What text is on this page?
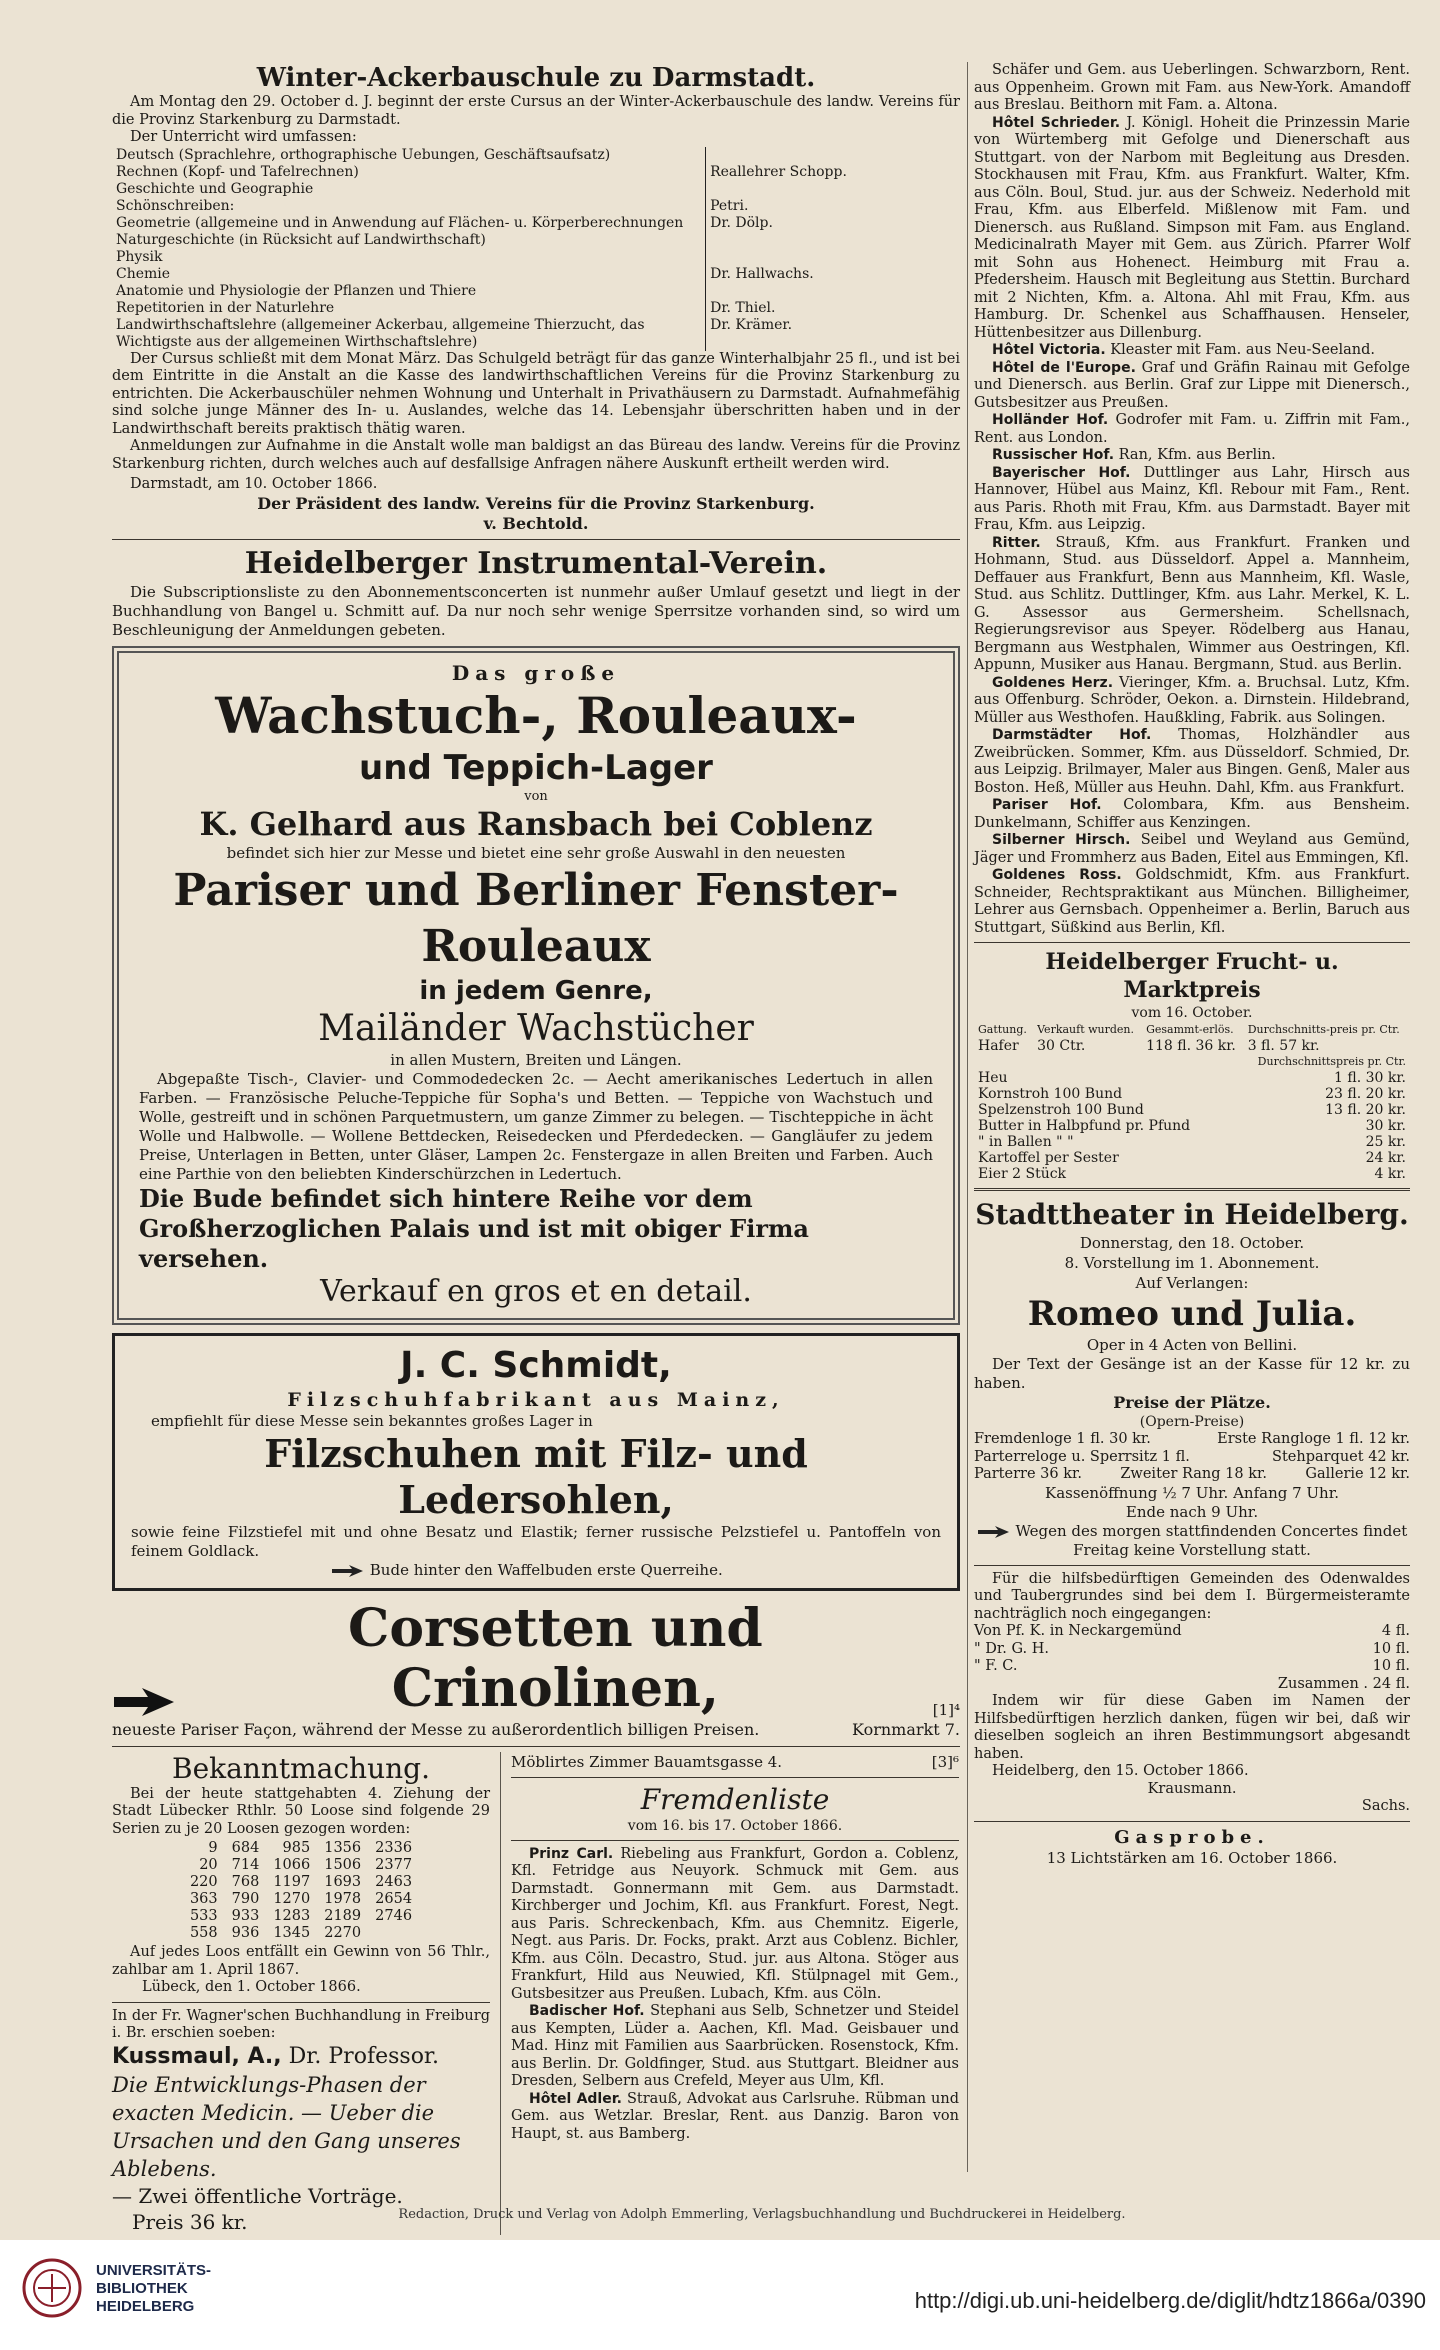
Winter-Ackerbauschule zu Darmstadt.

Am Montag den 29. October d. J. beginnt der erste Cursus an der Winter-Ackerbauschule des landw. Vereins für die Provinz Starkenburg zu Darmstadt.

Der Unterricht wird umfassen:

Deutsch (Sprachlehre, orthographische Uebungen, Geschäftsaufsatz)	
Rechnen (Kopf- und Tafelrechnen)	Reallehrer Schopp.
Geschichte und Geographie	
Schönschreiben:	Petri.
Geometrie (allgemeine und in Anwendung auf Flächen- u. Körperberechnungen	Dr. Dölp.
Naturgeschichte (in Rücksicht auf Landwirthschaft)	
Physik	
Chemie	Dr. Hallwachs.
Anatomie und Physiologie der Pflanzen und Thiere	
Repetitorien in der Naturlehre	Dr. Thiel.
Landwirthschaftslehre (allgemeiner Ackerbau, allgemeine Thierzucht, das Wichtigste aus der allgemeinen Wirthschaftslehre)	Dr. Krämer.

Der Cursus schließt mit dem Monat März. Das Schulgeld beträgt für das ganze Winterhalbjahr 25 fl., und ist bei dem Eintritte in die Anstalt an die Kasse des landwirthschaftlichen Vereins für die Provinz Starkenburg zu entrichten. Die Ackerbauschüler nehmen Wohnung und Unterhalt in Privathäusern zu Darmstadt. Aufnahmefähig sind solche junge Männer des In- u. Auslandes, welche das 14. Lebensjahr überschritten haben und in der Landwirthschaft bereits praktisch thätig waren.

Anmeldungen zur Aufnahme in die Anstalt wolle man baldigst an das Büreau des landw. Vereins für die Provinz Starkenburg richten, durch welches auch auf desfallsige Anfragen nähere Auskunft ertheilt werden wird.

Darmstadt, am 10. October 1866.

Der Präsident des landw. Vereins für die Provinz Starkenburg.

v. Bechtold.

Heidelberger Instrumental-Verein.

Die Subscriptionsliste zu den Abonnementsconcerten ist nunmehr außer Umlauf gesetzt und liegt in der Buchhandlung von Bangel u. Schmitt auf. Da nur noch sehr wenige Sperrsitze vorhanden sind, so wird um Beschleunigung der Anmeldungen gebeten.

Das große
Wachstuch-, Rouleaux-
und Teppich-Lager
von
K. Gelhard aus Ransbach bei Coblenz
befindet sich hier zur Messe und bietet eine sehr große Auswahl in den neuesten
Pariser und Berliner Fenster-Rouleaux
in jedem Genre,
Mailänder Wachstücher
in allen Mustern, Breiten und Längen.

Abgepaßte Tisch-, Clavier- und Commodedecken 2c. — Aecht amerikanisches Ledertuch in allen Farben. — Französische Peluche-Teppiche für Sopha's und Betten. — Teppiche von Wachstuch und Wolle, gestreift und in schönen Parquetmustern, um ganze Zimmer zu belegen. — Tischteppiche in ächt Wolle und Halbwolle. — Wollene Bettdecken, Reisedecken und Pferdedecken. — Gangläufer zu jedem Preise, Unterlagen in Betten, unter Gläser, Lampen 2c. Fenstergaze in allen Breiten und Farben. Auch eine Parthie von den beliebten Kinderschürzchen in Ledertuch.

Die Bude befindet sich hintere Reihe vor dem Großherzoglichen Palais und ist mit obiger Firma versehen.

Verkauf en gros et en detail.
J. C. Schmidt,
Filzschuhfabrikant aus Mainz,
empfiehlt für diese Messe sein bekanntes großes Lager in
Filzschuhen mit Filz- und Ledersohlen,

sowie feine Filzstiefel mit und ohne Besatz und Elastik; ferner russische Pelzstiefel u. Pantoffeln von feinem Goldlack.

Bude hinter den Waffelbuden erste Querreihe.
Corsetten und Crinolinen,	[1]⁴
neueste Pariser Façon, während der Messe zu außerordentlich billigen Preisen.	Kornmarkt 7.
Bekanntmachung.

Bei der heute stattgehabten 4. Ziehung der Stadt Lübecker Rthlr. 50 Loose sind folgende 29 Serien zu je 20 Loosen gezogen worden:

9	684	985	1356	2336
20	714	1066	1506	2377
220	768	1197	1693	2463
363	790	1270	1978	2654
533	933	1283	2189	2746
558	936	1345	2270	

Auf jedes Loos entfällt ein Gewinn von 56 Thlr., zahlbar am 1. April 1867.

Lübeck, den 1. October 1866.

In der Fr. Wagner'schen Buchhandlung in Freiburg i. Br. erschien soeben:

Kussmaul, A., Dr. Professor.

Die Entwicklungs-Phasen der exacten Medicin. — Ueber die Ursachen und den Gang unseres Ablebens.

— Zwei öffentliche Vorträge.

Preis 36 kr.

Möblirtes Zimmer Bauamtsgasse 4.	[3]⁶
Fremdenliste
vom 16. bis 17. October 1866.

Prinz Carl. Riebeling aus Frankfurt, Gordon a. Coblenz, Kfl. Fetridge aus Neuyork. Schmuck mit Gem. aus Darmstadt. Gonnermann mit Gem. aus Darmstadt. Kirchberger und Jochim, Kfl. aus Frankfurt. Forest, Negt. aus Paris. Schreckenbach, Kfm. aus Chemnitz. Eigerle, Negt. aus Paris. Dr. Focks, prakt. Arzt aus Coblenz. Bichler, Kfm. aus Cöln. Decastro, Stud. jur. aus Altona. Stöger aus Frankfurt, Hild aus Neuwied, Kfl. Stülpnagel mit Gem., Gutsbesitzer aus Preußen. Lubach, Kfm. aus Cöln.

Badischer Hof. Stephani aus Selb, Schnetzer und Steidel aus Kempten, Lüder a. Aachen, Kfl. Mad. Geisbauer und Mad. Hinz mit Familien aus Saarbrücken. Rosenstock, Kfm. aus Berlin. Dr. Goldfinger, Stud. aus Stuttgart. Bleidner aus Dresden, Selbern aus Crefeld, Meyer aus Ulm, Kfl.

Hôtel Adler. Strauß, Advokat aus Carlsruhe. Rübman und Gem. aus Wetzlar. Breslar, Rent. aus Danzig. Baron von Haupt, st. aus Bamberg.

Schäfer und Gem. aus Ueberlingen. Schwarzborn, Rent. aus Oppenheim. Grown mit Fam. aus New-York. Amandoff aus Breslau. Beithorn mit Fam. a. Altona.

Hôtel Schrieder. J. Königl. Hoheit die Prinzessin Marie von Würtemberg mit Gefolge und Dienerschaft aus Stuttgart. von der Narbom mit Begleitung aus Dresden. Stockhausen mit Frau, Kfm. aus Frankfurt. Walter, Kfm. aus Cöln. Boul, Stud. jur. aus der Schweiz. Nederhold mit Frau, Kfm. aus Elberfeld. Mißlenow mit Fam. und Dienersch. aus Rußland. Simpson mit Fam. aus England. Medicinalrath Mayer mit Gem. aus Zürich. Pfarrer Wolf mit Sohn aus Hohenect. Heimburg mit Frau a. Pfedersheim. Hausch mit Begleitung aus Stettin. Burchard mit 2 Nichten, Kfm. a. Altona. Ahl mit Frau, Kfm. aus Hamburg. Dr. Schenkel aus Schaffhausen. Henseler, Hüttenbesitzer aus Dillenburg.

Hôtel Victoria. Kleaster mit Fam. aus Neu-Seeland.

Hôtel de l'Europe. Graf und Gräfin Rainau mit Gefolge und Dienersch. aus Berlin. Graf zur Lippe mit Dienersch., Gutsbesitzer aus Preußen.

Holländer Hof. Godrofer mit Fam. u. Ziffrin mit Fam., Rent. aus London.

Russischer Hof. Ran, Kfm. aus Berlin.

Bayerischer Hof. Duttlinger aus Lahr, Hirsch aus Hannover, Hübel aus Mainz, Kfl. Rebour mit Fam., Rent. aus Paris. Rhoth mit Frau, Kfm. aus Darmstadt. Bayer mit Frau, Kfm. aus Leipzig.

Ritter. Strauß, Kfm. aus Frankfurt. Franken und Hohmann, Stud. aus Düsseldorf. Appel a. Mannheim, Deffauer aus Frankfurt, Benn aus Mannheim, Kfl. Wasle, Stud. aus Schlitz. Duttlinger, Kfm. aus Lahr. Merkel, K. L. G. Assessor aus Germersheim. Schellsnach, Regierungsrevisor aus Speyer. Rödelberg aus Hanau, Bergmann aus Westphalen, Wimmer aus Oestringen, Kfl. Appunn, Musiker aus Hanau. Bergmann, Stud. aus Berlin.

Goldenes Herz. Vieringer, Kfm. a. Bruchsal. Lutz, Kfm. aus Offenburg. Schröder, Oekon. a. Dirnstein. Hildebrand, Müller aus Westhofen. Haußkling, Fabrik. aus Solingen.

Darmstädter Hof. Thomas, Holzhändler aus Zweibrücken. Sommer, Kfm. aus Düsseldorf. Schmied, Dr. aus Leipzig. Brilmayer, Maler aus Bingen. Genß, Maler aus Boston. Heß, Müller aus Heuhn. Dahl, Kfm. aus Frankfurt.

Pariser Hof. Colombara, Kfm. aus Bensheim. Dunkelmann, Schiffer aus Kenzingen.

Silberner Hirsch. Seibel und Weyland aus Gemünd, Jäger und Frommherz aus Baden, Eitel aus Emmingen, Kfl.

Goldenes Ross. Goldschmidt, Kfm. aus Frankfurt. Schneider, Rechtspraktikant aus München. Billigheimer, Lehrer aus Gernsbach. Oppenheimer a. Berlin, Baruch aus Stuttgart, Süßkind aus Berlin, Kfl.

Heidelberger Frucht- u. Marktpreis
vom 16. October.
Gattung.	Verkauft wurden.	Gesammt-erlös.	Durchschnitts-preis pr. Ctr.
Hafer	30 Ctr.	118 fl. 36 kr.	3 fl. 57 kr.
Durchschnittspreis pr. Ctr.			
Heu			1 fl. 30 kr.
Kornstroh 100 Bund			23 fl. 20 kr.
Spelzenstroh 100 Bund			13 fl. 20 kr.
Butter in Halbpfund pr. Pfund			30 kr.
" in Ballen " "			25 kr.
Kartoffel per Sester			24 kr.
Eier 2 Stück			4 kr.
Stadttheater in Heidelberg.
Donnerstag, den 18. October.
8. Vorstellung im 1. Abonnement.
Auf Verlangen:
Romeo und Julia.
Oper in 4 Acten von Bellini.

Der Text der Gesänge ist an der Kasse für 12 kr. zu haben.

Preise der Plätze.
(Opern-Preise)
Fremdenloge 1 fl. 30 kr.	Erste Rangloge 1 fl. 12 kr.
Parterreloge u. Sperrsitz 1 fl.	Stehparquet 42 kr.
Parterre 36 kr.	Zweiter Rang 18 kr.	Gallerie 12 kr.
Kassenöffnung ½ 7 Uhr. Anfang 7 Uhr.
Ende nach 9 Uhr.
Wegen des morgen stattfindenden Concertes findet Freitag keine Vorstellung statt.

Für die hilfsbedürftigen Gemeinden des Odenwaldes und Taubergrundes sind bei dem I. Bürgermeisteramte nachträglich noch eingegangen:

Von Pf. K. in Neckargemünd	4 fl.
" Dr. G. H.	10 fl.
" F. C.	10 fl.
Zusammen . 24 fl.

Indem wir für diese Gaben im Namen der Hilfsbedürftigen herzlich danken, fügen wir bei, daß wir dieselben sogleich an ihren Bestimmungsort abgesandt haben.

Heidelberg, den 15. October 1866.

Krausmann.

Sachs.

Gasprobe.
13 Lichtstärken am 16. October 1866.
Redaction, Druck und Verlag von Adolph Emmerling, Verlagsbuchhandlung und Buchdruckerei in Heidelberg.
UNIVERSITÄTS-
BIBLIOTHEK
HEIDELBERG	http://digi.ub.uni-heidelberg.de/diglit/hdtz1866a/0390
